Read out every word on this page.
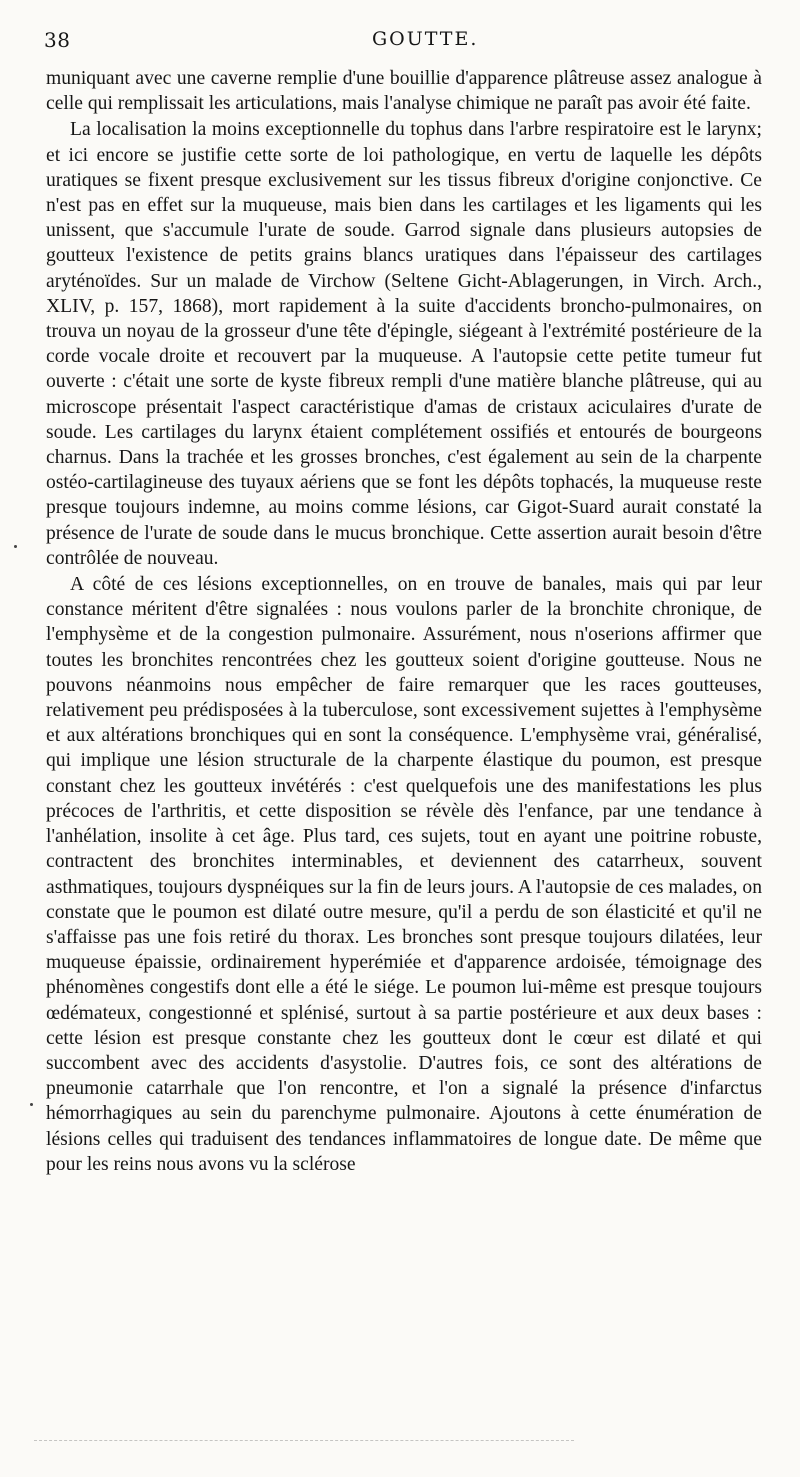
38	GOUTTE.

muniquant avec une caverne remplie d'une bouillie d'apparence plâtreuse assez analogue à celle qui remplissait les articulations, mais l'analyse chimique ne paraît pas avoir été faite.

La localisation la moins exceptionnelle du tophus dans l'arbre respiratoire est le larynx; et ici encore se justifie cette sorte de loi pathologique, en vertu de laquelle les dépôts uratiques se fixent presque exclusivement sur les tissus fibreux d'origine conjonctive. Ce n'est pas en effet sur la muqueuse, mais bien dans les cartilages et les ligaments qui les unissent, que s'accumule l'urate de soude. Garrod signale dans plusieurs autopsies de goutteux l'existence de petits grains blancs uratiques dans l'épaisseur des cartilages aryténoïdes. Sur un malade de Virchow (Seltene Gicht-Ablagerungen, in Virch. Arch., XLIV, p. 157, 1868), mort rapidement à la suite d'accidents broncho-pulmonaires, on trouva un noyau de la grosseur d'une tête d'épingle, siégeant à l'extrémité postérieure de la corde vocale droite et recouvert par la muqueuse. A l'autopsie cette petite tumeur fut ouverte : c'était une sorte de kyste fibreux rempli d'une matière blanche plâtreuse, qui au microscope présentait l'aspect caractéristique d'amas de cristaux aciculaires d'urate de soude. Les cartilages du larynx étaient complétement ossifiés et entourés de bourgeons charnus. Dans la trachée et les grosses bronches, c'est également au sein de la charpente ostéo-cartilagineuse des tuyaux aériens que se font les dépôts tophacés, la muqueuse reste presque toujours indemne, au moins comme lésions, car Gigot-Suard aurait constaté la présence de l'urate de soude dans le mucus bronchique. Cette assertion aurait besoin d'être contrôlée de nouveau.

A côté de ces lésions exceptionnelles, on en trouve de banales, mais qui par leur constance méritent d'être signalées : nous voulons parler de la bronchite chronique, de l'emphysème et de la congestion pulmonaire. Assurément, nous n'oserions affirmer que toutes les bronchites rencontrées chez les goutteux soient d'origine goutteuse. Nous ne pouvons néanmoins nous empêcher de faire remarquer que les races goutteuses, relativement peu prédisposées à la tuberculose, sont excessivement sujettes à l'emphysème et aux altérations bronchiques qui en sont la conséquence. L'emphysème vrai, généralisé, qui implique une lésion structurale de la charpente élastique du poumon, est presque constant chez les goutteux invétérés : c'est quelquefois une des manifestations les plus précoces de l'arthritis, et cette disposition se révèle dès l'enfance, par une tendance à l'anhélation, insolite à cet âge. Plus tard, ces sujets, tout en ayant une poitrine robuste, contractent des bronchites interminables, et deviennent des catarrheux, souvent asthmatiques, toujours dyspnéiques sur la fin de leurs jours. A l'autopsie de ces malades, on constate que le poumon est dilaté outre mesure, qu'il a perdu de son élasticité et qu'il ne s'affaisse pas une fois retiré du thorax. Les bronches sont presque toujours dilatées, leur muqueuse épaissie, ordinairement hyperémiée et d'apparence ardoisée, témoignage des phénomènes congestifs dont elle a été le siége. Le poumon lui-même est presque toujours œdémateux, congestionné et splénisé, surtout à sa partie postérieure et aux deux bases : cette lésion est presque constante chez les goutteux dont le cœur est dilaté et qui succombent avec des accidents d'asystolie. D'autres fois, ce sont des altérations de pneumonie catarrhale que l'on rencontre, et l'on a signalé la présence d'infarctus hémorrhagiques au sein du parenchyme pulmonaire. Ajoutons à cette énumération de lésions celles qui traduisent des tendances inflammatoires de longue date. De même que pour les reins nous avons vu la sclérose
